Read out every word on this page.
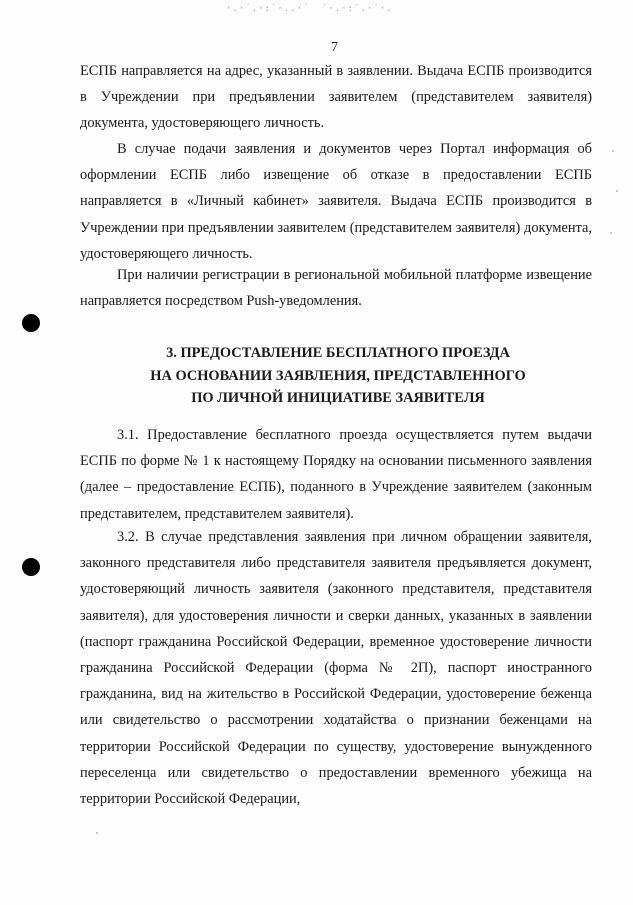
·.·˙.·:˙·..·˙ ˙·.·:˙.·˙·.
7

ЕСПБ направляется на адрес, указанный в заявлении. Выдача ЕСПБ производится в Учреждении при предъявлении заявителем (представителем заявителя) документа, удостоверяющего личность.

В случае подачи заявления и документов через Портал информация об оформлении ЕСПБ либо извещение об отказе в предоставлении ЕСПБ направляется в «Личный кабинет» заявителя. Выдача ЕСПБ производится в Учреждении при предъявлении заявителем (представителем заявителя) документа, удостоверяющего личность.

При наличии регистрации в региональной мобильной платформе извещение направляется посредством Push-уведомления.

3. ПРЕДОСТАВЛЕНИЕ БЕСПЛАТНОГО ПРОЕЗДА
НА ОСНОВАНИИ ЗАЯВЛЕНИЯ, ПРЕДСТАВЛЕННОГО
ПО ЛИЧНОЙ ИНИЦИАТИВЕ ЗАЯВИТЕЛЯ

3.1. Предоставление бесплатного проезда осуществляется путем выдачи ЕСПБ по форме № 1 к настоящему Порядку на основании письменного заявления (далее – предоставление ЕСПБ), поданного в Учреждение заявителем (законным представителем, представителем заявителя).

3.2. В случае представления заявления при личном обращении заявителя, законного представителя либо представителя заявителя предъявляется документ, удостоверяющий личность заявителя (законного представителя, представителя заявителя), для удостоверения личности и сверки данных, указанных в заявлении (паспорт гражданина Российской Федерации, временное удостоверение личности гражданина Российской Федерации (форма № 2П), паспорт иностранного гражданина, вид на жительство в Российской Федерации, удостоверение беженца или свидетельство о рассмотрении ходатайства о признании беженцами на территории Российской Федерации по существу, удостоверение вынужденного переселенца или свидетельство о предоставлении временного убежища на территории Российской Федерации,
